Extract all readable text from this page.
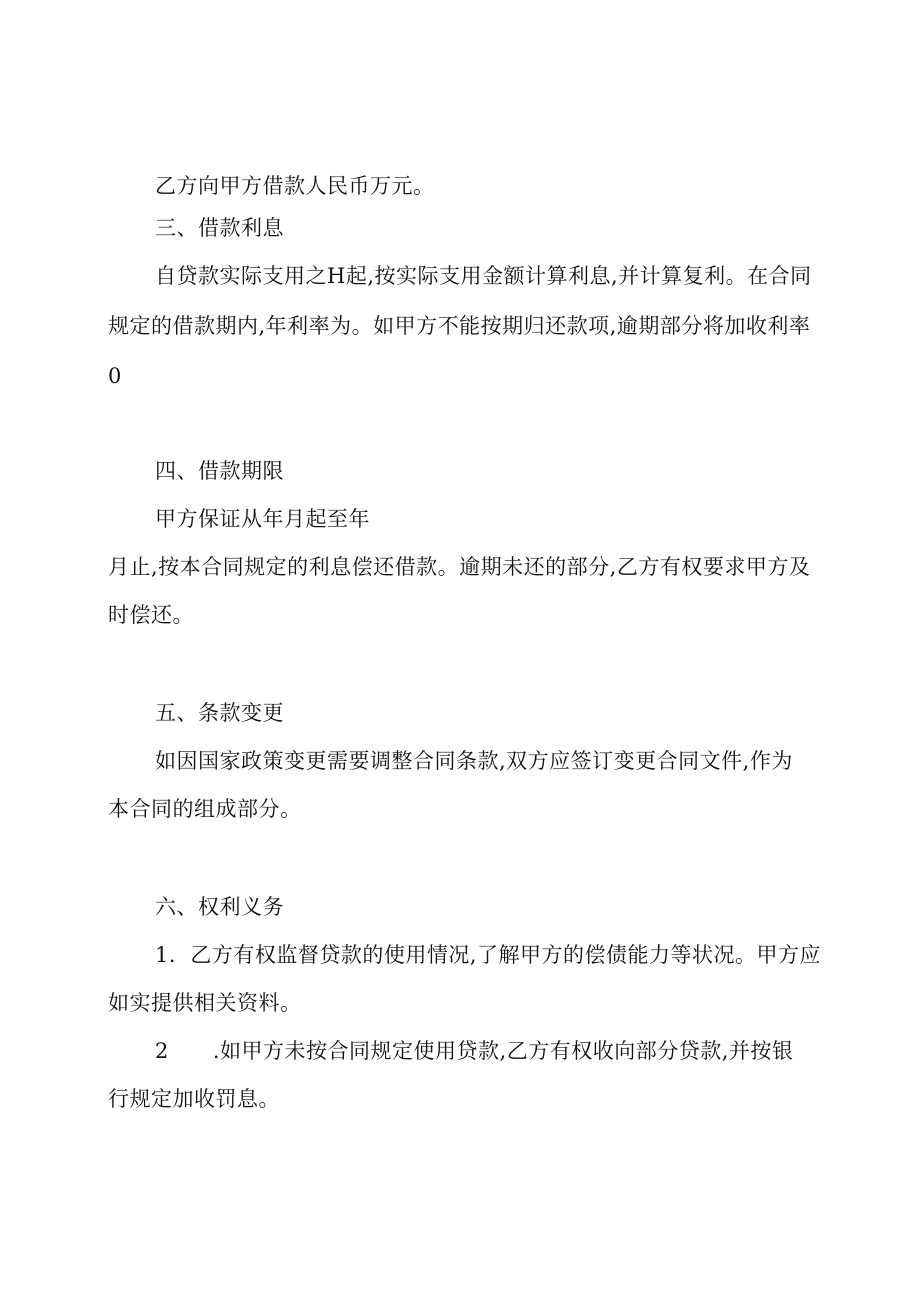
乙方向甲方借款人民币万元。
三、借款利息
自贷款实际支用之H起,按实际支用金额计算利息,并计算复利。在合同
规定的借款期内,年利率为。如甲方不能按期归还款项,逾期部分将加收利率
0
四、借款期限
甲方保证从年月起至年
月止,按本合同规定的利息偿还借款。逾期未还的部分,乙方有权要求甲方及
时偿还。
五、条款变更
如因国家政策变更需要调整合同条款,双方应签订变更合同文件,作为
本合同的组成部分。
六、权利义务
1．乙方有权监督贷款的使用情况,了解甲方的偿债能力等状况。甲方应
如实提供相关资料。
2 .如甲方未按合同规定使用贷款,乙方有权收向部分贷款,并按银
行规定加收罚息。
